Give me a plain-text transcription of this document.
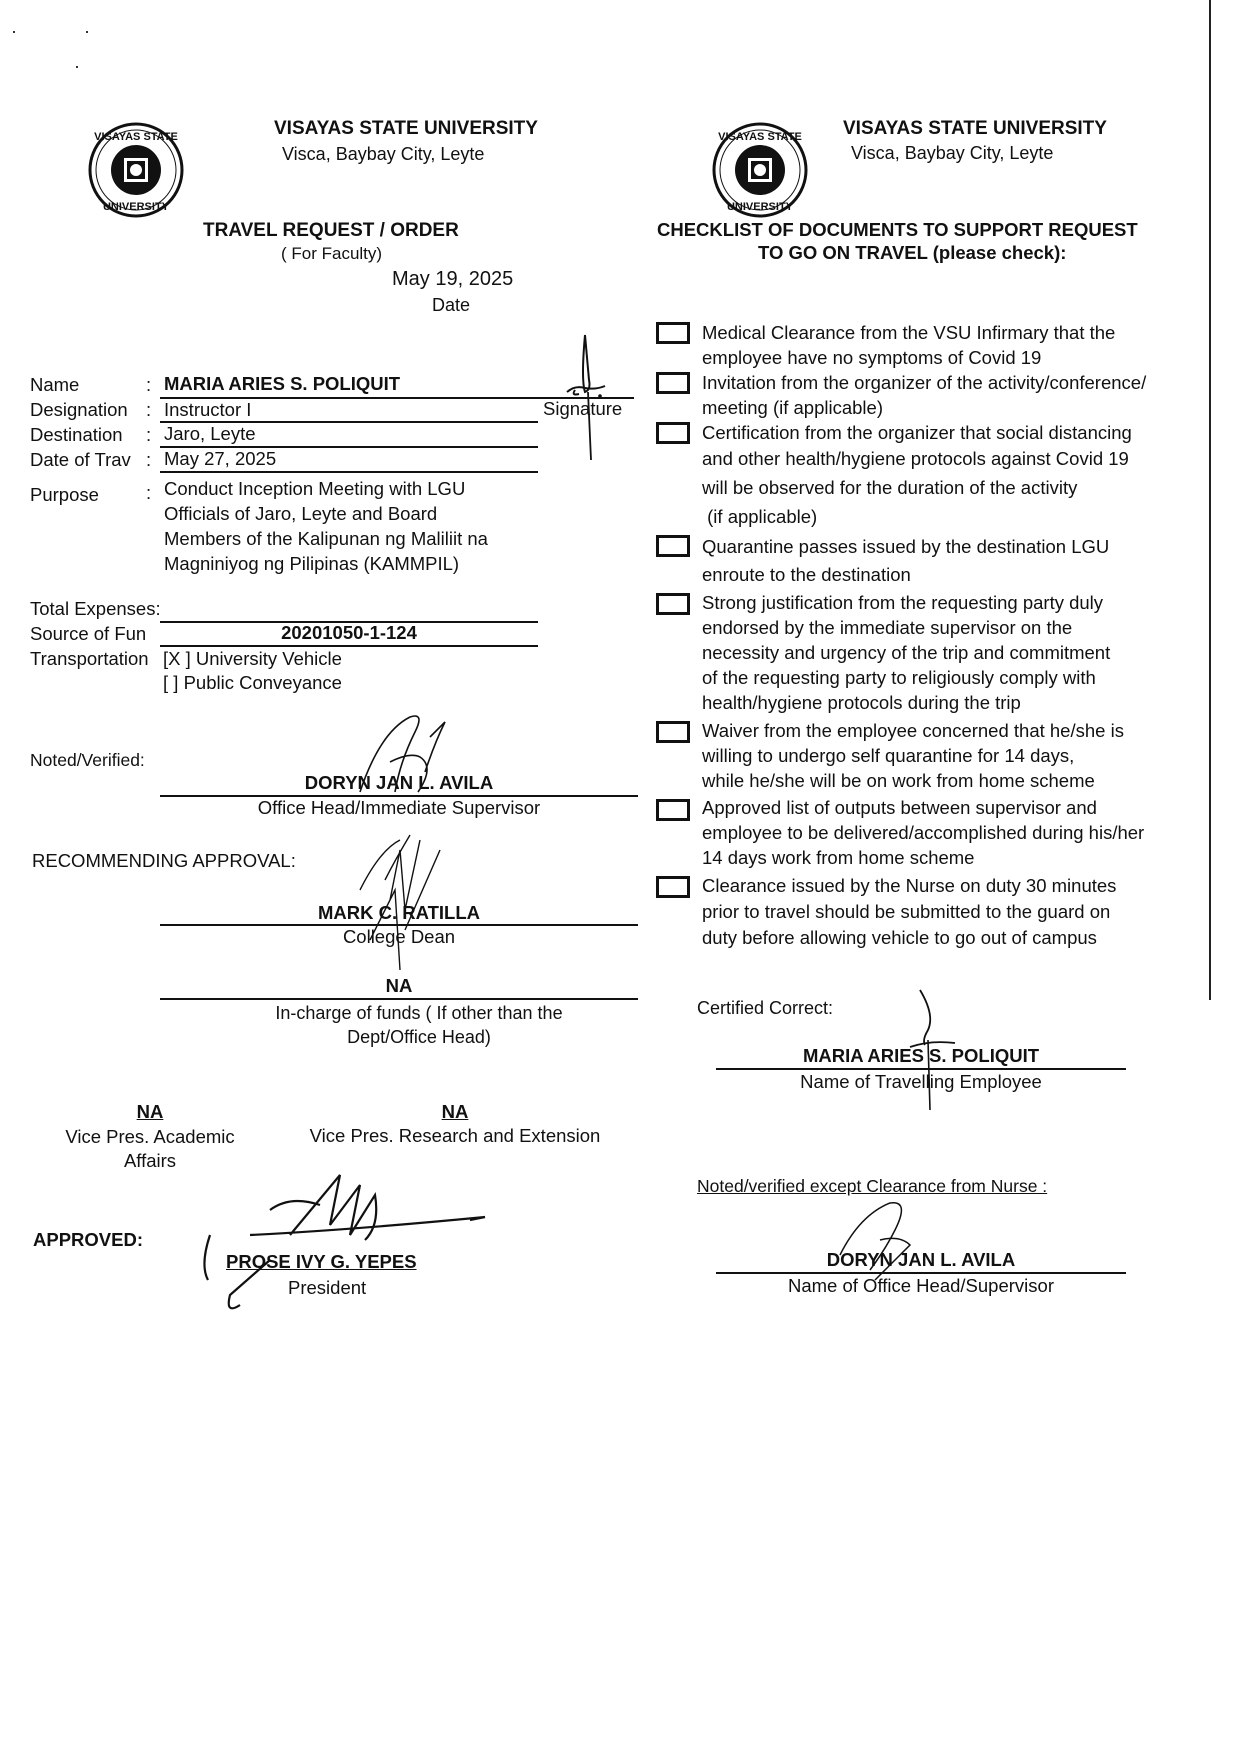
VISAYAS STATE
UNIVERSITY
VISAYAS STATE UNIVERSITY
Visca, Baybay City, Leyte
TRAVEL REQUEST / ORDER
( For Faculty)
May 19, 2025
Date
Name	: MARIA ARIES S. POLIQUIT
Signature
Designation : Instructor I
Destination : Jaro, Leyte
Date of Trav : May 27, 2025
Purpose	: Conduct Inception Meeting with LGU
Officials of Jaro, Leyte and Board
Members of the Kalipunan ng Maliliit na
Magniniyog ng Pilipinas (KAMMPIL)
Total Expenses:
Source of Fun	20201050-1-124
Transportation [X ] University Vehicle
[ ] Public Conveyance
Noted/Verified:
DORYN JAN L. AVILA
Office Head/Immediate Supervisor
RECOMMENDING APPROVAL:
MARK C. RATILLA
College Dean
NA
In-charge of funds ( If other than the
Dept/Office Head)
NA
Vice Pres. Academic
Affairs
NA
Vice Pres. Research and Extension
APPROVED:
PROSE IVY G. YEPES
President
VISAYAS STATE
UNIVERSITY
VISAYAS STATE UNIVERSITY
Visca, Baybay City, Leyte
CHECKLIST OF DOCUMENTS TO SUPPORT REQUEST
TO GO ON TRAVEL (please check):
Medical Clearance from the VSU Infirmary that the
employee have no symptoms of Covid 19
Invitation from the organizer of the activity/conference/
meeting (if applicable)
Certification from the organizer that social distancing
and other health/hygiene protocols against Covid 19
will be observed for the duration of the activity
(if applicable)
Quarantine passes issued by the destination LGU
enroute to the destination
Strong justification from the requesting party duly
endorsed by the immediate supervisor on the
necessity and urgency of the trip and commitment
of the requesting party to religiously comply with
health/hygiene protocols during the trip
Waiver from the employee concerned that he/she is
willing to undergo self quarantine for 14 days,
while he/she will be on work from home scheme
Approved list of outputs between supervisor and
employee to be delivered/accomplished during his/her
14 days work from home scheme
Clearance issued by the Nurse on duty 30 minutes
prior to travel should be submitted to the guard on
duty before allowing vehicle to go out of campus
Certified Correct:
MARIA ARIES S. POLIQUIT
Name of Travelling Employee
Noted/verified except Clearance from Nurse :
DORYN JAN L. AVILA
Name of Office Head/Supervisor
